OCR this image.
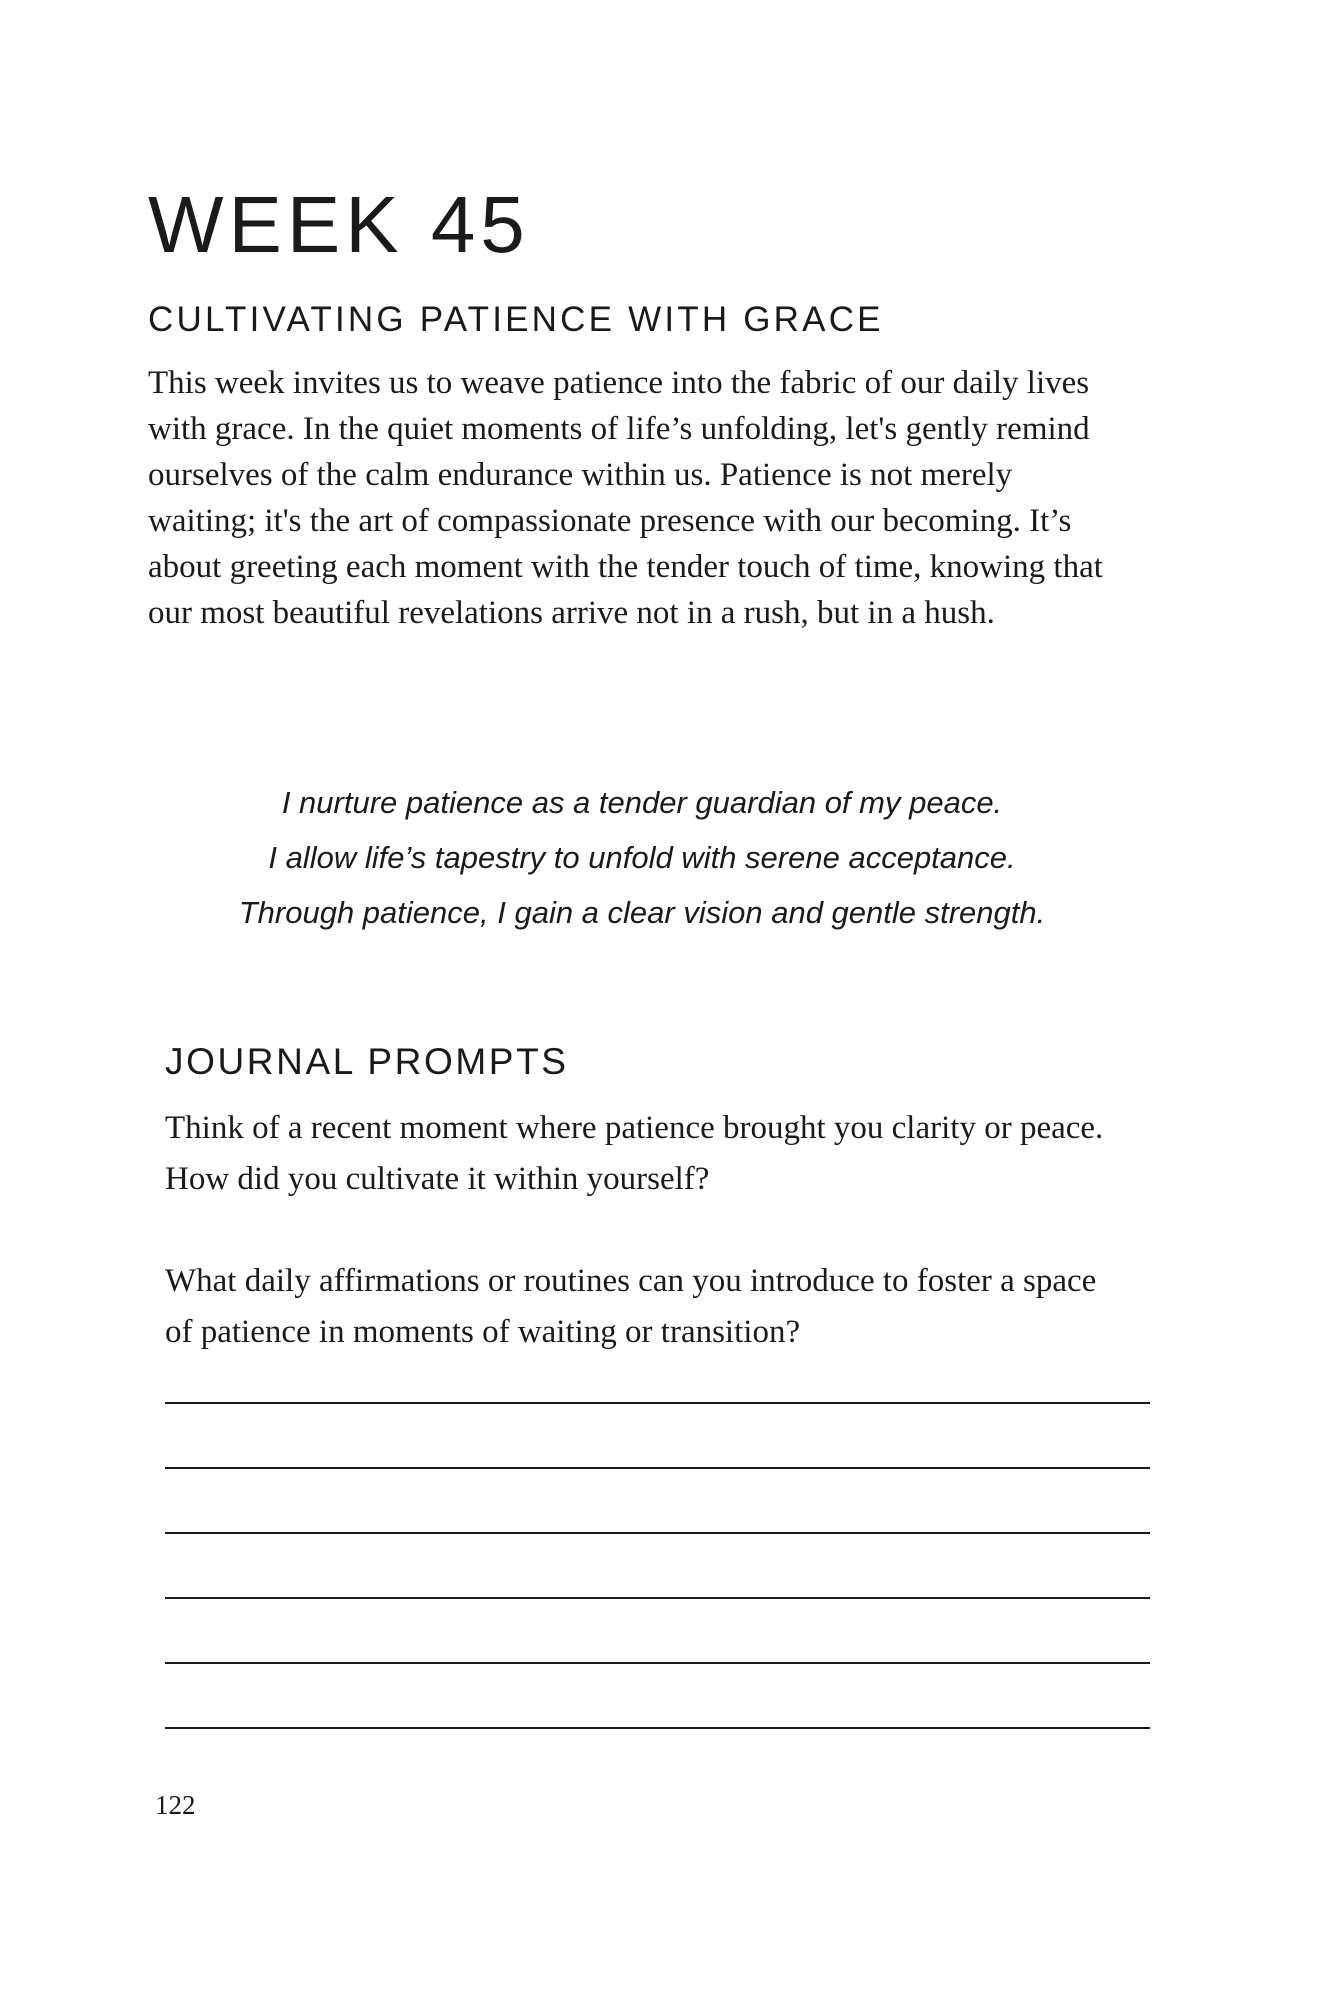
WEEK 45
CULTIVATING PATIENCE WITH GRACE

This week invites us to weave patience into the fabric of our daily lives with grace. In the quiet moments of life’s unfolding, let's gently remind ourselves of the calm endurance within us. Patience is not merely waiting; it's the art of compassionate presence with our becoming. It’s about greeting each moment with the tender touch of time, knowing that our most beautiful revelations arrive not in a rush, but in a hush.

I nurture patience as a tender guardian of my peace.
I allow life’s tapestry to unfold with serene acceptance.
Through patience, I gain a clear vision and gentle strength.
JOURNAL PROMPTS

Think of a recent moment where patience brought you clarity or peace. How did you cultivate it within yourself?

What daily affirmations or routines can you introduce to foster a space of patience in moments of waiting or transition?

122
